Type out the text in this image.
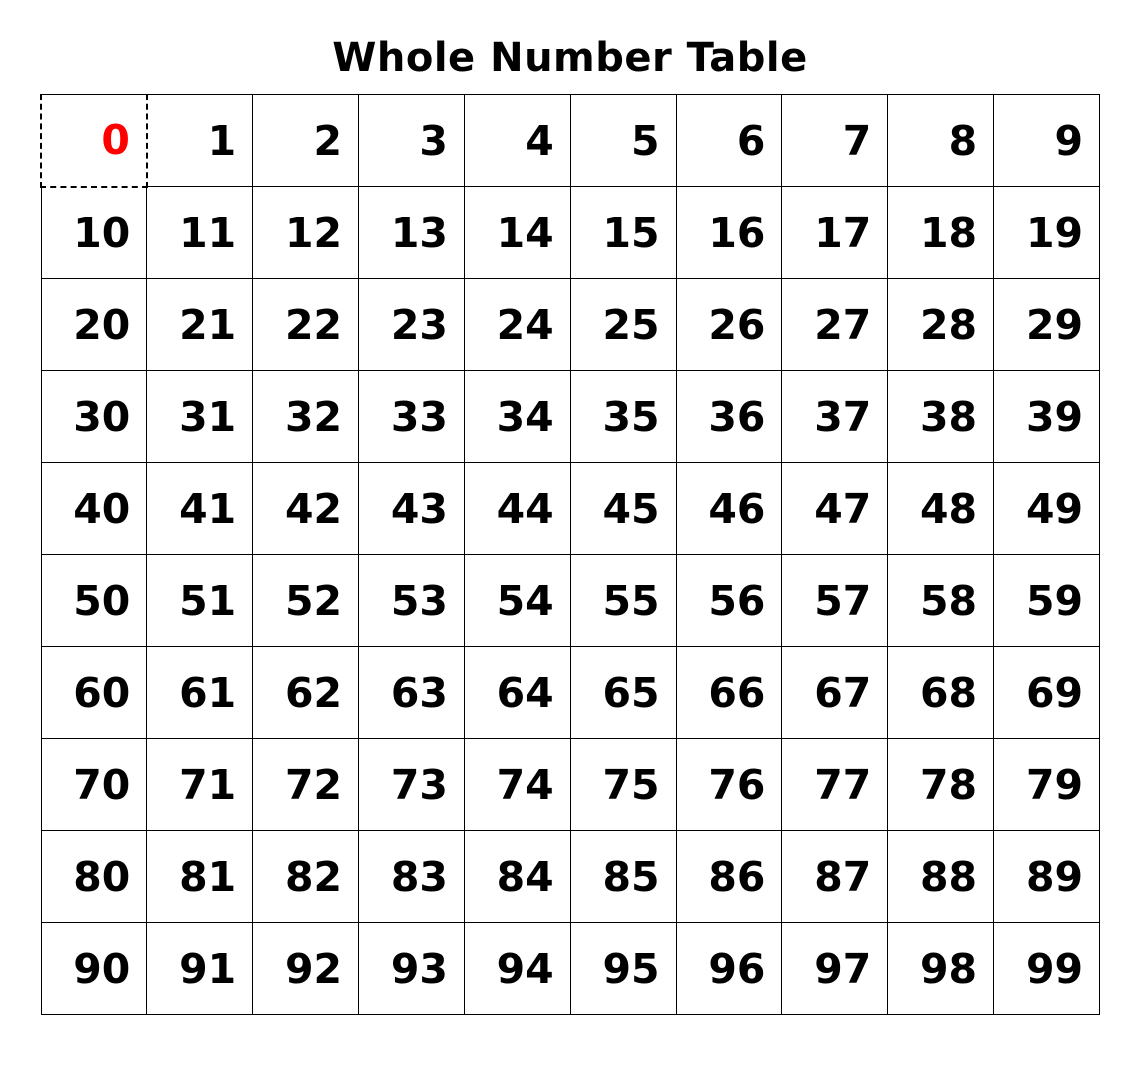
Whole Number Table
0	1	2	3	4	5	6	7	8	9
10	11	12	13	14	15	16	17	18	19
20	21	22	23	24	25	26	27	28	29
30	31	32	33	34	35	36	37	38	39
40	41	42	43	44	45	46	47	48	49
50	51	52	53	54	55	56	57	58	59
60	61	62	63	64	65	66	67	68	69
70	71	72	73	74	75	76	77	78	79
80	81	82	83	84	85	86	87	88	89
90	91	92	93	94	95	96	97	98	99
